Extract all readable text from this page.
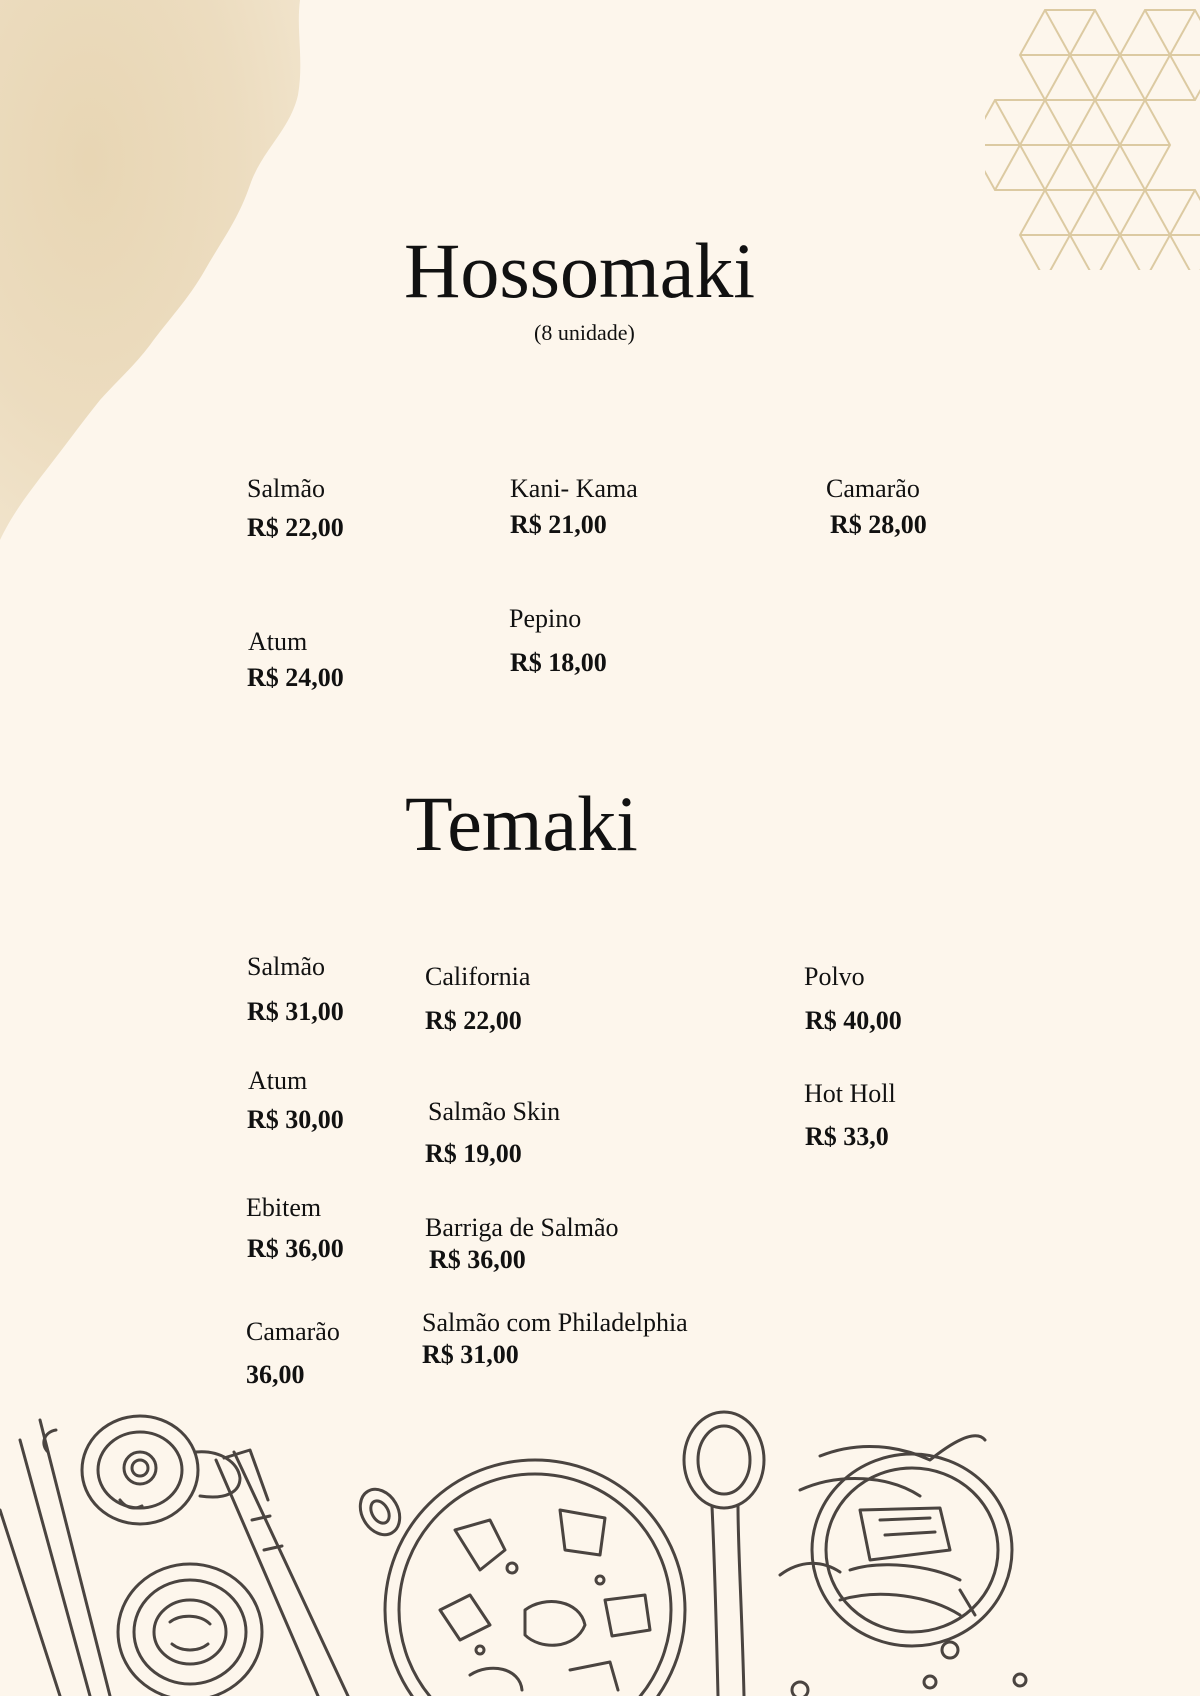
Hossomaki
(8 unidade)
Salmão
R$ 22,00
Kani- Kama
R$ 21,00
Camarão
R$ 28,00
Atum
R$ 24,00
Pepino
R$ 18,00
Temaki
Salmão
R$ 31,00
California
R$ 22,00
Polvo
R$ 40,00
Atum
R$ 30,00	Salmão Skin
R$ 19,00
Hot Holl
R$ 33,0
Ebitem
R$ 36,00
Barriga de Salmão
R$ 36,00
Camarão
36,00
Salmão com Philadelphia
R$ 31,00
